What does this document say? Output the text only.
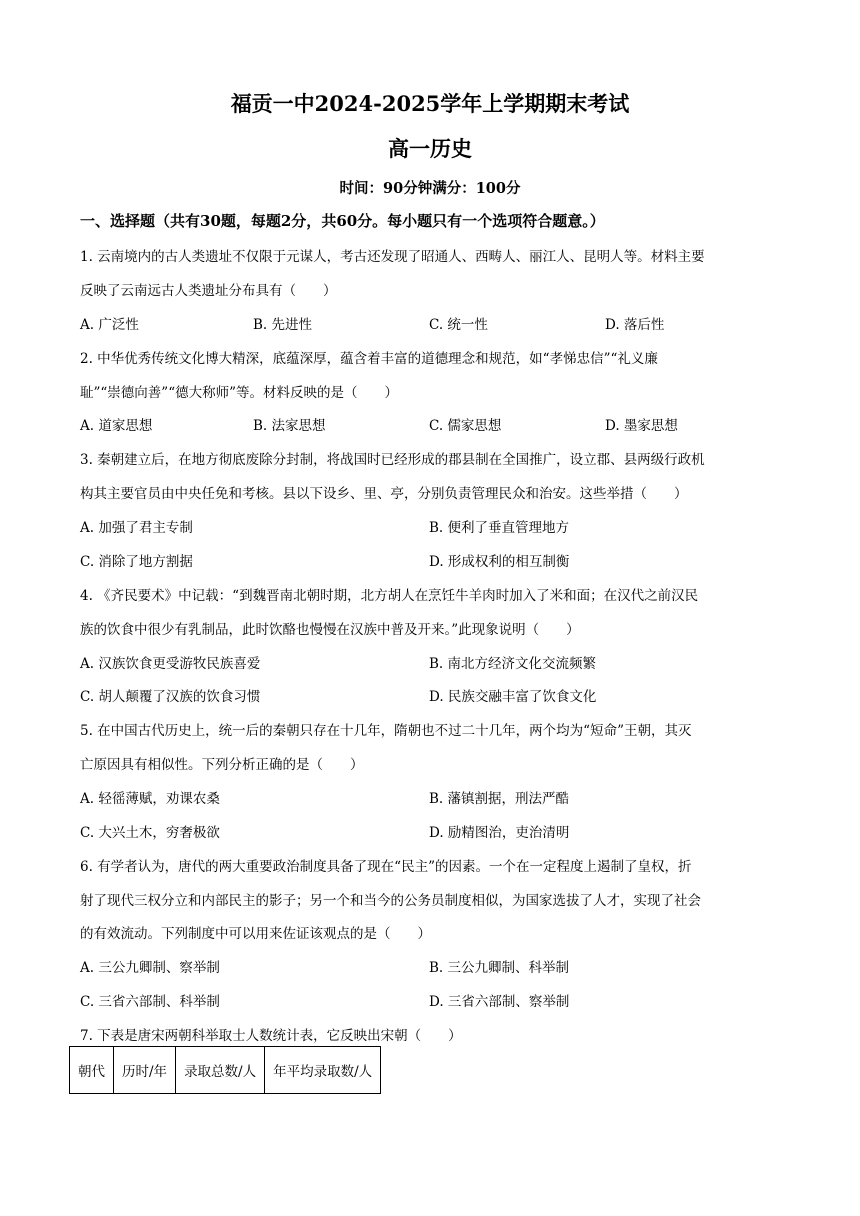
福贡一中2024-2025学年上学期期末考试
高一历史
时间：90分钟满分：100分
一、选择题（共有30题，每题2分，共60分。每小题只有一个选项符合题意。）
1. 云南境内的古人类遗址不仅限于元谋人，考古还发现了昭通人、西畴人、丽江人、昆明人等。材料主要
反映了云南远古人类遗址分布具有（　　）
A. 广泛性	B. 先进性	C. 统一性	D. 落后性
2. 中华优秀传统文化博大精深，底蕴深厚，蕴含着丰富的道德理念和规范，如“孝悌忠信”“礼义廉
耻”“崇德向善”“德大称师”等。材料反映的是（　　）
A. 道家思想	B. 法家思想	C. 儒家思想	D. 墨家思想
3. 秦朝建立后，在地方彻底废除分封制，将战国时已经形成的郡县制在全国推广，设立郡、县两级行政机
构其主要官员由中央任免和考核。县以下设乡、里、亭，分别负责管理民众和治安。这些举措（　　）
A. 加强了君主专制	B. 便利了垂直管理地方
C. 消除了地方割据	D. 形成权利的相互制衡
4. 《齐民要术》中记载：“到魏晋南北朝时期，北方胡人在烹饪牛羊肉时加入了米和面；在汉代之前汉民
族的饮食中很少有乳制品，此时饮酪也慢慢在汉族中普及开来。”此现象说明（　　）
A. 汉族饮食更受游牧民族喜爱	B. 南北方经济文化交流频繁
C. 胡人颠覆了汉族的饮食习惯	D. 民族交融丰富了饮食文化
5. 在中国古代历史上，统一后的秦朝只存在十几年，隋朝也不过二十几年，两个均为“短命”王朝，其灭
亡原因具有相似性。下列分析正确的是（　　）
A. 轻徭薄赋，劝课农桑	B. 藩镇割据，刑法严酷
C. 大兴土木，穷奢极欲	D. 励精图治，吏治清明
6. 有学者认为，唐代的两大重要政治制度具备了现在“民主”的因素。一个在一定程度上遏制了皇权，折
射了现代三权分立和内部民主的影子；另一个和当今的公务员制度相似，为国家选拔了人才，实现了社会
的有效流动。下列制度中可以用来佐证该观点的是（　　）
A. 三公九卿制、察举制	B. 三公九卿制、科举制
C. 三省六部制、科举制	D. 三省六部制、察举制
7. 下表是唐宋两朝科举取士人数统计表，它反映出宋朝（　　）
朝代	历时/年	录取总数/人	年平均录取数/人
